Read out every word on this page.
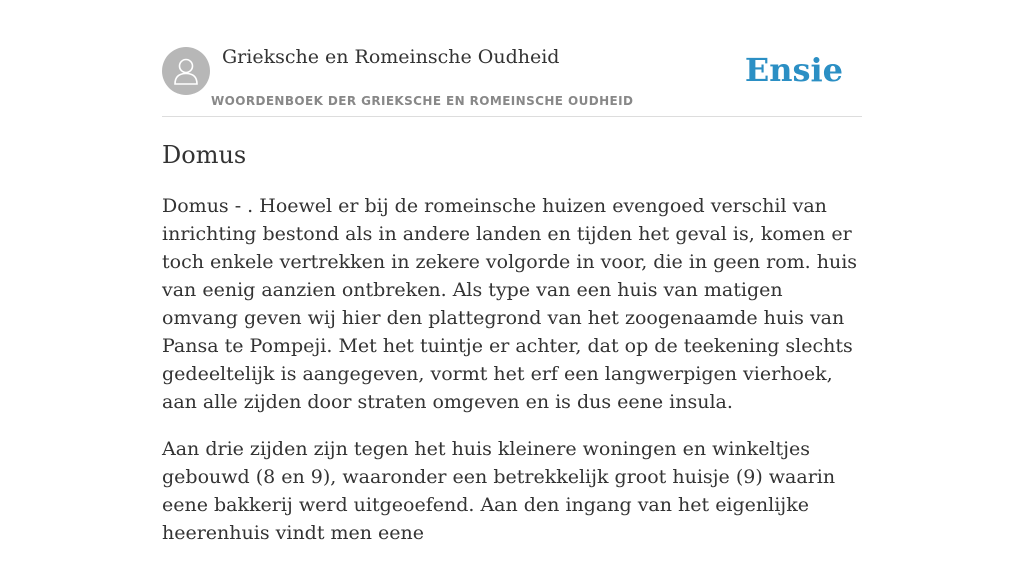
Grieksche en Romeinsche Oudheid
WOORDENBOEK DER GRIEKSCHE EN ROMEINSCHE OUDHEID
Ensie
Domus

Domus - . Hoewel er bij de romeinsche huizen evengoed verschil van inrichting bestond als in andere landen en tijden het geval is, komen er toch enkele vertrekken in zekere volgorde in voor, die in geen rom. huis van eenig aanzien ontbreken. Als type van een huis van matigen omvang geven wij hier den plattegrond van het zoogenaamde huis van Pansa te Pompeji. Met het tuintje er achter, dat op de teekening slechts gedeeltelijk is aangegeven, vormt het erf een langwerpigen vierhoek, aan alle zijden door straten omgeven en is dus eene insula.

Aan drie zijden zijn tegen het huis kleinere woningen en winkeltjes gebouwd (8 en 9), waaronder een betrekkelijk groot huisje (9) waarin eene bakkerij werd uitgeoefend. Aan den ingang van het eigenlijke heerenhuis vindt men eene
